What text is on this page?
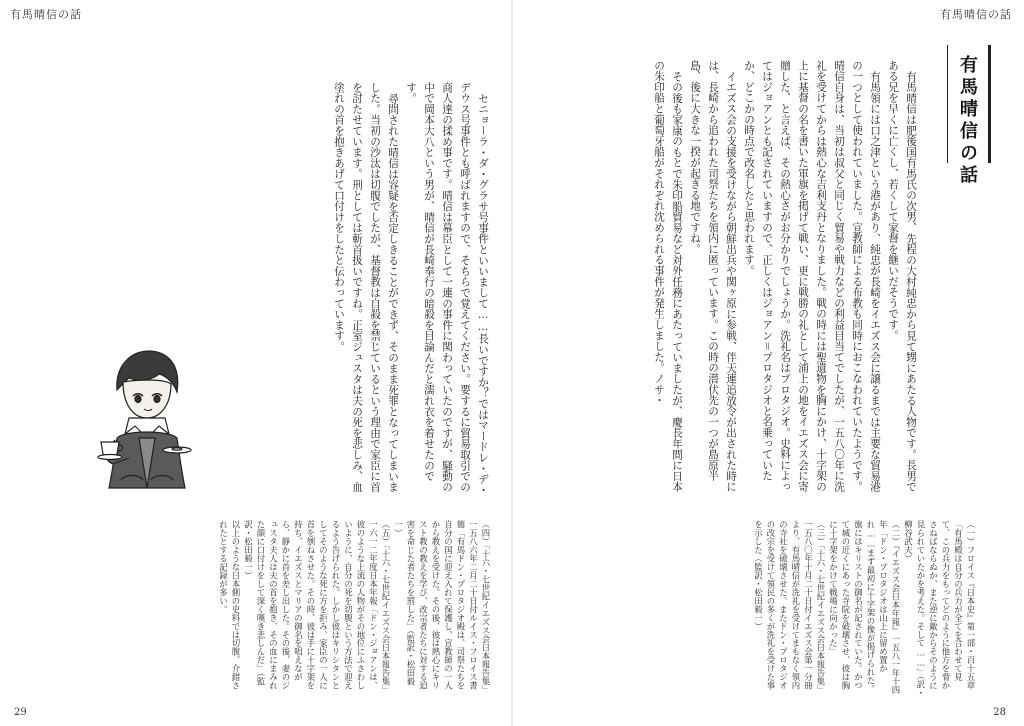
有馬晴信の話	有馬晴信の話
有馬晴信の話

有馬晴信は肥後国有馬氏の次男、先程の大村純忠から見て甥にあたる人物です。長男である兄を早くに亡くし、若くして家督を継いだそうです。

有馬領には口之津という港があり、純忠が長崎をイエズス会に譲るまでは主要な貿易港の一つとして使われていました。宣教師による布教も同時におこなわれていたようです。晴信自身は、当初は叔父と同じく貿易や戦力などの利益目当てでしたが、一五八〇年に洗礼を受けてからは熱心な吉利支丹となりました。戦の時には聖遺物を胸にかけ、十字架の上に基督の名を書いた軍旗を掲げて戦い、更に戦勝の礼として浦上の地をイエズス会に寄贈した、と言えば、その熱心さがお分かりでしょうか。洗礼名はプロタジオ。史料によってはジョアンとも記されていますので、正しくはジョアン＝プロタジオと名乗っていたか、どこかの時点で改名したと思われます。

イエズス会の支援を受けながら朝鮮出兵や関ヶ原に参戦、伴天連追放令が出された時には、長崎から追われた司祭たちを領内に匿っています。この時の潜伏先の一つが島原半島、後に大きな一揆が起きる地ですね。

その後も家康のもとで朱印船貿易など対外任務にあたっていましたが、慶長年間に日本の朱印船と葡萄牙船がそれぞれ沈められる事件が発生しました。ノサ・

（一）フロイス『日本史』第一部・百十五章「有馬殿は自分の兵力が全てを合わせて見て、この兵力をもってどのように他方を脅かさねばならぬか、また逆に敵からそのように見られていたかを考えた。そして……」（訳・柳谷武夫）

（二）『イエズス会日本年報』一五八一年十四年「ドン・プロタジオは山上に留め置かれ……まず最初に十字架の像が掲げられた。旗にはキリストの御名が記されていた。かつて城の近くにあった寺院を破壊させ、彼は胸に十字架をかけて戦場に向かった」

（三）「十六・七世紀イエズス会日本報告集」一五八〇年十月二十日付イエズス会第一分冊より、有馬晴信が洗礼を受けてまもなく領内の寺社を破壊させた。またドン・プロタジオの改宗を受けて領民の多くが洗礼を受けた事を示した（監訳・松田毅一）

セニョーラ・ダ・グラサ号事件といいまして……長いですか？ではマードレ・デ・デウス号事件とも呼ばれますので、そちらで覚えてください。要するに貿易取引での商人達の揉め事です。晴信は幕臣として一連の事件に関わっていたのですが、騒動の中で岡本大八という男が、晴信が長崎奉行の暗殺を目論んだと濡れ衣を着せたのです。

尋問された晴信は容疑を否定しきることができず、そのまま死罪となってしまいました。当初の沙汰は切腹でしたが、基督教は自殺を禁じているという理由で家臣に首を討たせています。刑としては斬首扱いですね。正室ジュスタは夫の死を悲しみ、血塗れの首を抱きあげて口付けをしたと伝わっています。

（四）「十六・七世紀イエズス会日本報告集」一五八六年二月二十日付ルイス・フロイス書簡「有馬ドン・プロタジオ殿は、司祭たちを自分の国に迎え入れて保護し、宣教師の一人から教えを受けた。その後、彼は熱心にキリスト教の教えを学び、改宗者たちに対する迫害を命じた者たちを罰した」（監訳・松田毅一）

（五）「十六・七世紀イエズス会日本報告集」一六一二年度日本年報「ドン・ジョアンは、彼のような上流の人物がその地位にふさわしいように、自分の死を切腹という方法で迎えるよう告げられた。しかし彼はキリシタンとしてそのような死に方を拒み、家臣の一人に首を刎ねさせた。その時、彼は手に十字架を持ち、イエズスとマリアの御名を唱えながら、静かに首を差し出した。その後、妻のジュスタ夫人は夫の首を抱き、その血にまみれた顔に口付けをして深く嘆き悲しんだ」（監訳・松田毅一）

以上のような日本側の史料では切腹、介錯されたとする記録が多い。

29	28
